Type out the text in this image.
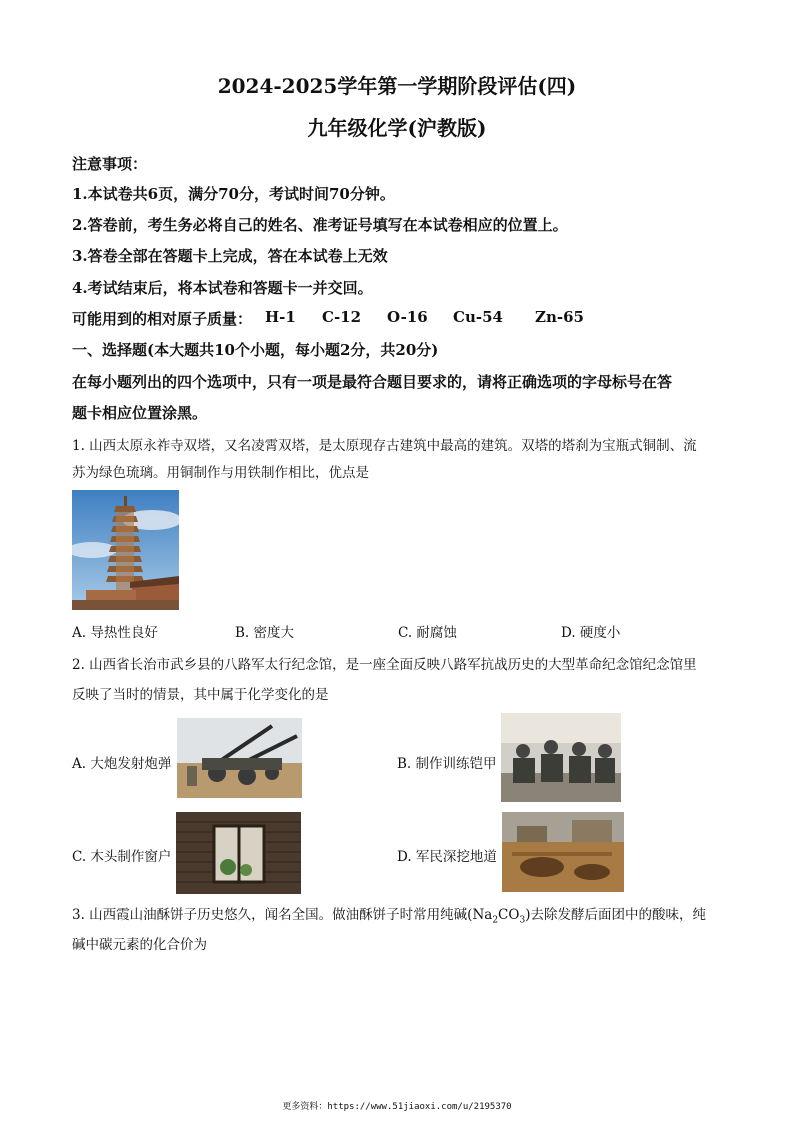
2024-2025学年第一学期阶段评估(四)
九年级化学(沪教版)
注意事项：
1.本试卷共6页，满分70分，考试时间70分钟。
2.答卷前，考生务必将自己的姓名、准考证号填写在本试卷相应的位置上。
3.答卷全部在答题卡上完成，答在本试卷上无效
4.考试结束后，将本试卷和答题卡一并交回。
可能用到的相对原子质量： H-1 C-12 O-16 Cu-54 Zn-65
一、选择题(本大题共10个小题，每小题2分，共20分)
在每小题列出的四个选项中，只有一项是最符合题目要求的，请将正确选项的字母标号在答
题卡相应位置涂黑。
1. 山西太原永祚寺双塔，又名凌霄双塔，是太原现存古建筑中最高的建筑。双塔的塔刹为宝瓶式铜制、流
苏为绿色琉璃。用铜制作与用铁制作相比，优点是
A. 导热性良好	B. 密度大	C. 耐腐蚀	D. 硬度小
2. 山西省长治市武乡县的八路军太行纪念馆，是一座全面反映八路军抗战历史的大型革命纪念馆纪念馆里
反映了当时的情景，其中属于化学变化的是
A. 大炮发射炮弹	B. 制作训练铠甲
C. 木头制作窗户	D. 军民深挖地道
3. 山西霞山油酥饼子历史悠久，闻名全国。做油酥饼子时常用纯碱$(Na_2CO_3)$去除发酵后面团中的酸味，纯
碱中碳元素的化合价为
更多资料：https://www.51jiaoxi.com/u/2195370
